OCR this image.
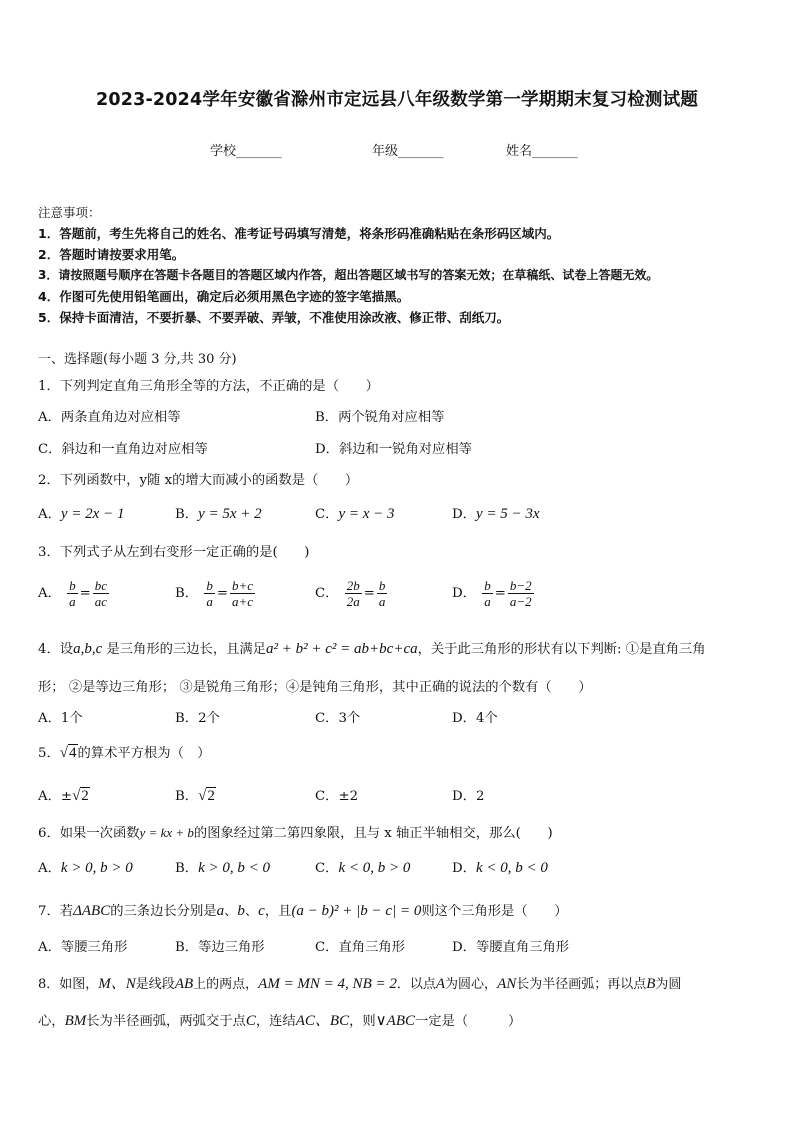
2023-2024学年安徽省滁州市定远县八年级数学第一学期期末复习检测试题
学校_______	年级_______	姓名_______
注意事项：
1．答题前，考生先将自己的姓名、准考证号码填写清楚，将条形码准确粘贴在条形码区域内。
2．答题时请按要求用笔。
3．请按照题号顺序在答题卡各题目的答题区域内作答，超出答题区域书写的答案无效；在草稿纸、试卷上答题无效。
4．作图可先使用铅笔画出，确定后必须用黑色字迹的签字笔描黑。
5．保持卡面清洁，不要折暴、不要弄破、弄皱，不准使用涂改液、修正带、刮纸刀。
一、选择题(每小题 3 分,共 30 分)
1．下列判定直角三角形全等的方法，不正确的是（　　）
A．两条直角边对应相等	B．两个锐角对应相等
C．斜边和一直角边对应相等	D．斜边和一锐角对应相等
2．下列函数中，y随 x的增大而减小的函数是（　　）
A．y = 2x − 1	B．y = 5x + 2	C．y = x − 3	D．y = 5 − 3x
3．下列式子从左到右变形一定正确的是(　　)
A． $\frac{b}{a} = \frac{bc}{ac}$	B． $\frac{b}{a} = \frac{b+c}{a+c}$	C． $\frac{2b}{2a} = \frac{b}{a}$	D． $\frac{b}{a} = \frac{b-2}{a-2}$
4．设a,b,c 是三角形的三边长，且满足a² + b² + c² = ab+bc+ca，关于此三角形的形状有以下判断: ①是直角三角
形； ②是等边三角形； ③是锐角三角形；④是钝角三角形，其中正确的说法的个数有（　　）
A．1个	B．2个	C．3个	D．4个
5．√4的算术平方根为（　）
A．±√2	B．√2	C．±2	D．2
6．如果一次函数y = kx + b的图象经过第二第四象限，且与 x 轴正半轴相交，那么(　　)
A．k > 0, b > 0	B．k > 0, b < 0	C．k < 0, b > 0	D．k < 0, b < 0
7．若ΔABC的三条边长分别是a、b、c，且(a − b)² + |b − c| = 0则这个三角形是（　　）
A．等腰三角形	B．等边三角形	C．直角三角形	D．等腰直角三角形
8．如图，M、N是线段AB上的两点，AM = MN = 4, NB = 2．以点A为圆心，AN长为半径画弧；再以点B为圆
心，BM长为半径画弧，两弧交于点C，连结AC、BC，则∨ABC一定是（　　　）
